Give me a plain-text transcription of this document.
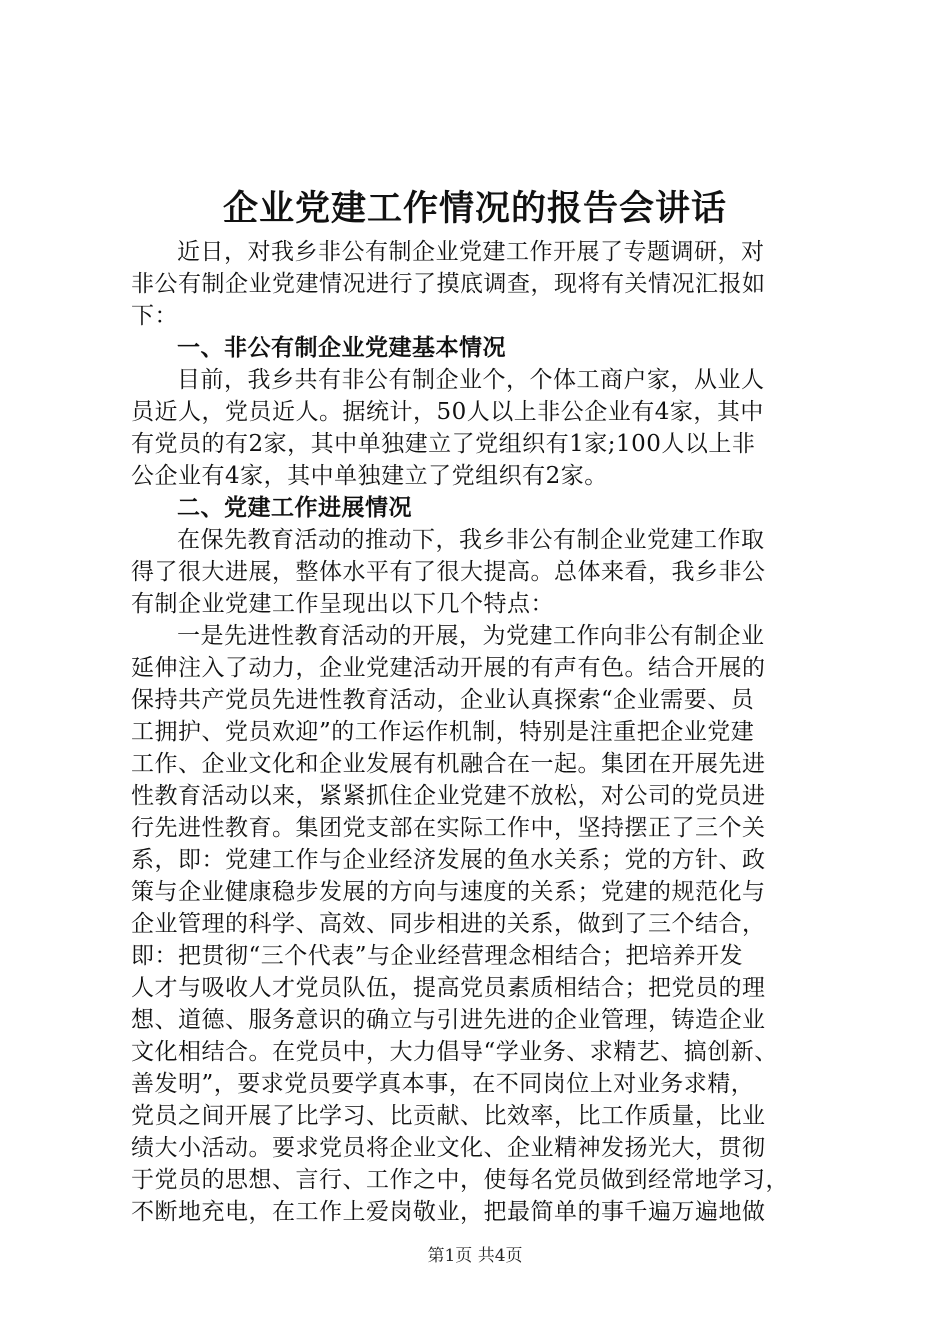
企业党建工作情况的报告会讲话
近日，对我乡非公有制企业党建工作开展了专题调研，对
非公有制企业党建情况进行了摸底调查，现将有关情况汇报如
下：
一、非公有制企业党建基本情况
目前，我乡共有非公有制企业个，个体工商户家，从业人
员近人，党员近人。据统计，50人以上非公企业有4家，其中
有党员的有2家，其中单独建立了党组织有1家;100人以上非
公企业有4家，其中单独建立了党组织有2家。
二、党建工作进展情况
在保先教育活动的推动下，我乡非公有制企业党建工作取
得了很大进展，整体水平有了很大提高。总体来看，我乡非公
有制企业党建工作呈现出以下几个特点：
一是先进性教育活动的开展，为党建工作向非公有制企业
延伸注入了动力，企业党建活动开展的有声有色。结合开展的
保持共产党员先进性教育活动，企业认真探索“企业需要、员
工拥护、党员欢迎”的工作运作机制，特别是注重把企业党建
工作、企业文化和企业发展有机融合在一起。集团在开展先进
性教育活动以来，紧紧抓住企业党建不放松，对公司的党员进
行先进性教育。集团党支部在实际工作中，坚持摆正了三个关
系，即：党建工作与企业经济发展的鱼水关系；党的方针、政
策与企业健康稳步发展的方向与速度的关系；党建的规范化与
企业管理的科学、高效、同步相进的关系，做到了三个结合，
即：把贯彻“三个代表”与企业经营理念相结合；把培养开发
人才与吸收人才党员队伍，提高党员素质相结合；把党员的理
想、道德、服务意识的确立与引进先进的企业管理，铸造企业
文化相结合。在党员中，大力倡导“学业务、求精艺、搞创新、
善发明”，要求党员要学真本事，在不同岗位上对业务求精，
党员之间开展了比学习、比贡献、比效率，比工作质量，比业
绩大小活动。要求党员将企业文化、企业精神发扬光大，贯彻
于党员的思想、言行、工作之中，使每名党员做到经常地学习，
不断地充电，在工作上爱岗敬业，把最简单的事千遍万遍地做
第1页 共4页
